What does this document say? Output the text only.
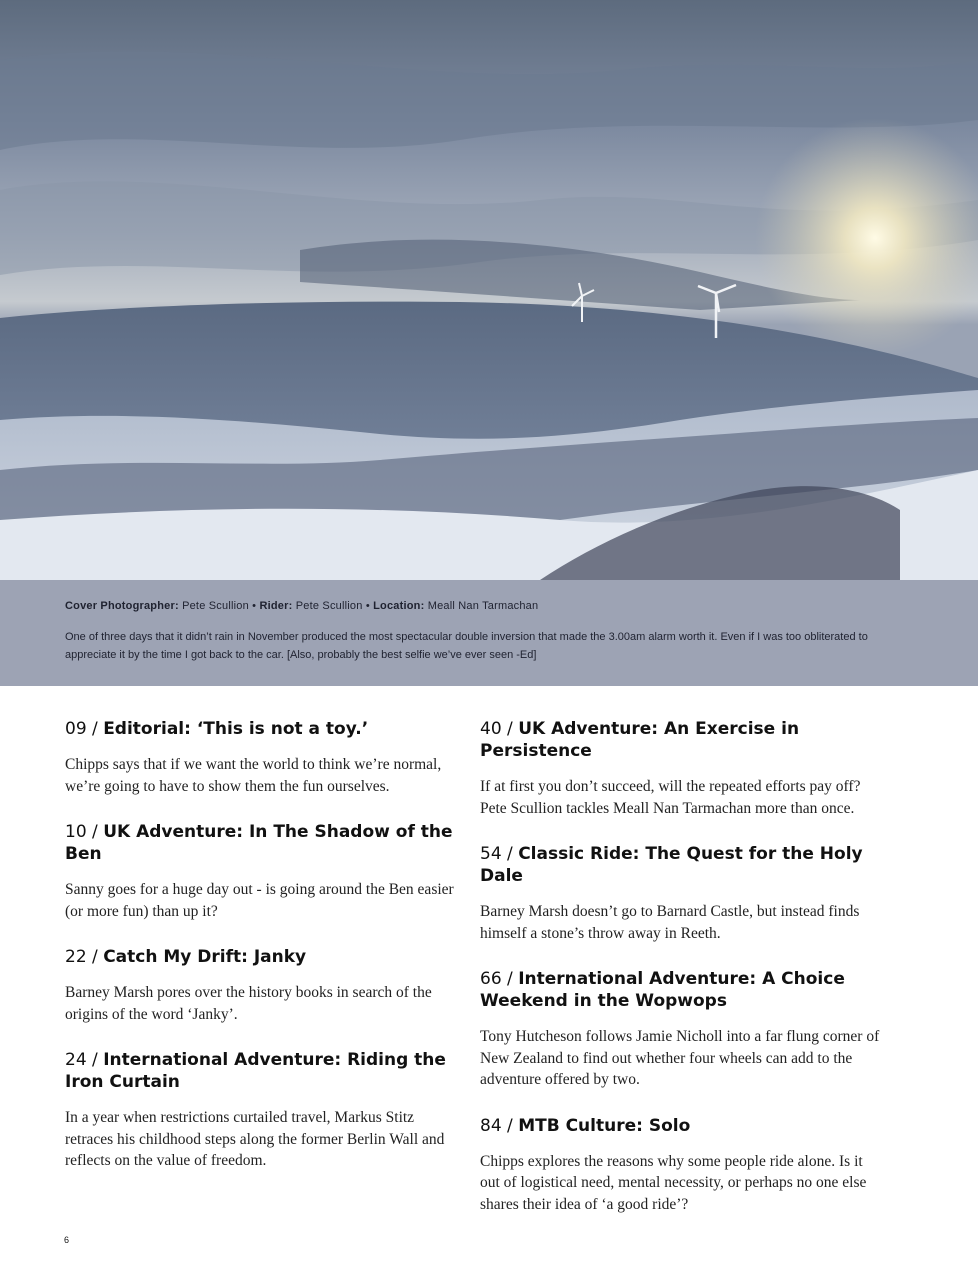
Cover Photographer: Pete Scullion • Rider: Pete Scullion • Location: Meall Nan Tarmachan
One of three days that it didn’t rain in November produced the most spectacular double inversion that made the 3.00am alarm worth it. Even if I was too obliterated to appreciate it by the time I got back to the car. [Also, probably the best selfie we’ve ever seen -Ed]
09 / Editorial: ‘This is not a toy.’

Chipps says that if we want the world to think we’re normal, we’re going to have to show them the fun ourselves.

10 / UK Adventure: In The Shadow of the Ben

Sanny goes for a huge day out - is going around the Ben easier (or more fun) than up it?

22 / Catch My Drift: Janky

Barney Marsh pores over the history books in search of the origins of the word ‘Janky’.

24 / International Adventure: Riding the Iron Curtain

In a year when restrictions curtailed travel, Markus Stitz retraces his childhood steps along the former Berlin Wall and reflects on the value of freedom.

40 / UK Adventure: An Exercise in Persistence

If at first you don’t succeed, will the repeated efforts pay off? Pete Scullion tackles Meall Nan Tarmachan more than once.

54 / Classic Ride: The Quest for the Holy Dale

Barney Marsh doesn’t go to Barnard Castle, but instead finds himself a stone’s throw away in Reeth.

66 / International Adventure: A Choice Weekend in the Wopwops

Tony Hutcheson follows Jamie Nicholl into a far flung corner of New Zealand to find out whether four wheels can add to the adventure offered by two.

84 / MTB Culture: Solo

Chipps explores the reasons why some people ride alone. Is it out of logistical need, mental necessity, or perhaps no one else shares their idea of ‘a good ride’?

6
